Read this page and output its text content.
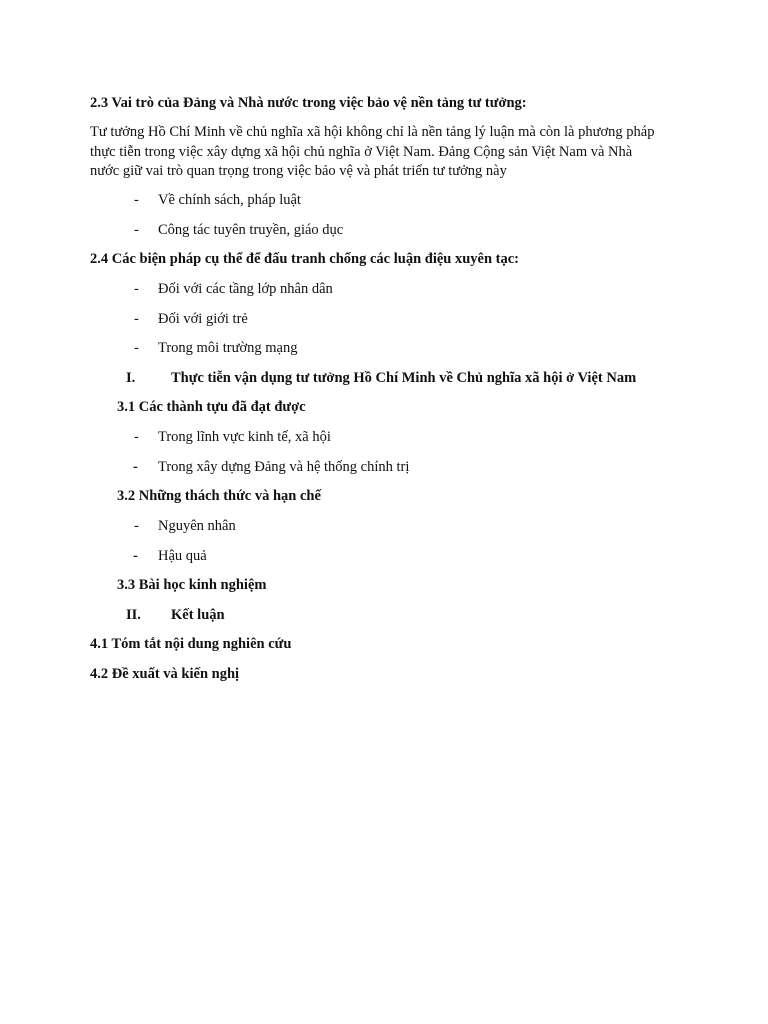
2.3 Vai trò của Đảng và Nhà nước trong việc bảo vệ nền tảng tư tưởng:
Tư tưởng Hồ Chí Minh về chủ nghĩa xã hội không chỉ là nền tảng lý luận mà còn là phương pháp
thực tiễn trong việc xây dựng xã hội chủ nghĩa ở Việt Nam. Đảng Cộng sản Việt Nam và Nhà
nước giữ vai trò quan trọng trong việc bảo vệ và phát triển tư tưởng này
- Về chính sách, pháp luật
- Công tác tuyên truyền, giáo dục
2.4 Các biện pháp cụ thể để đấu tranh chống các luận điệu xuyên tạc:
- Đối với các tầng lớp nhân dân
- Đối với giới trẻ
- Trong môi trường mạng
I. Thực tiễn vận dụng tư tưởng Hồ Chí Minh về Chủ nghĩa xã hội ở Việt Nam
3.1 Các thành tựu đã đạt được
- Trong lĩnh vực kinh tế, xã hội
- Trong xây dựng Đảng và hệ thống chính trị
3.2 Những thách thức và hạn chế
- Nguyên nhân
- Hậu quả
3.3 Bài học kinh nghiệm
II. Kết luận
4.1 Tóm tắt nội dung nghiên cứu
4.2 Đề xuất và kiến nghị
